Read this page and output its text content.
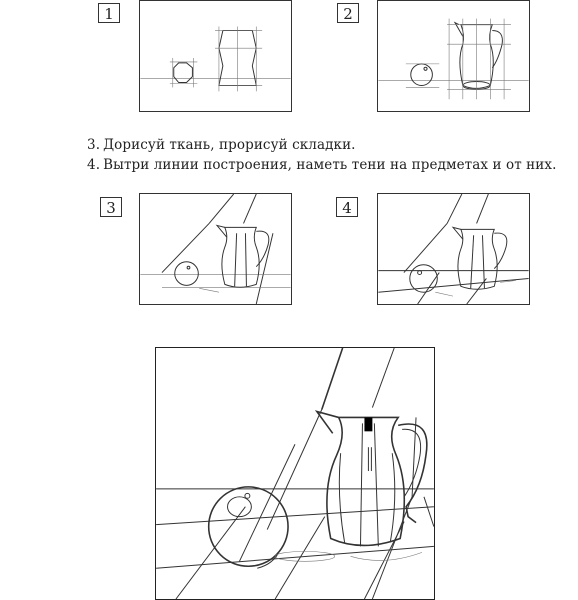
1	2
3. Дорисуй ткань, прорисуй складки.
4. Вытри линии построения, наметь тени на предметах и от них.
3	4
